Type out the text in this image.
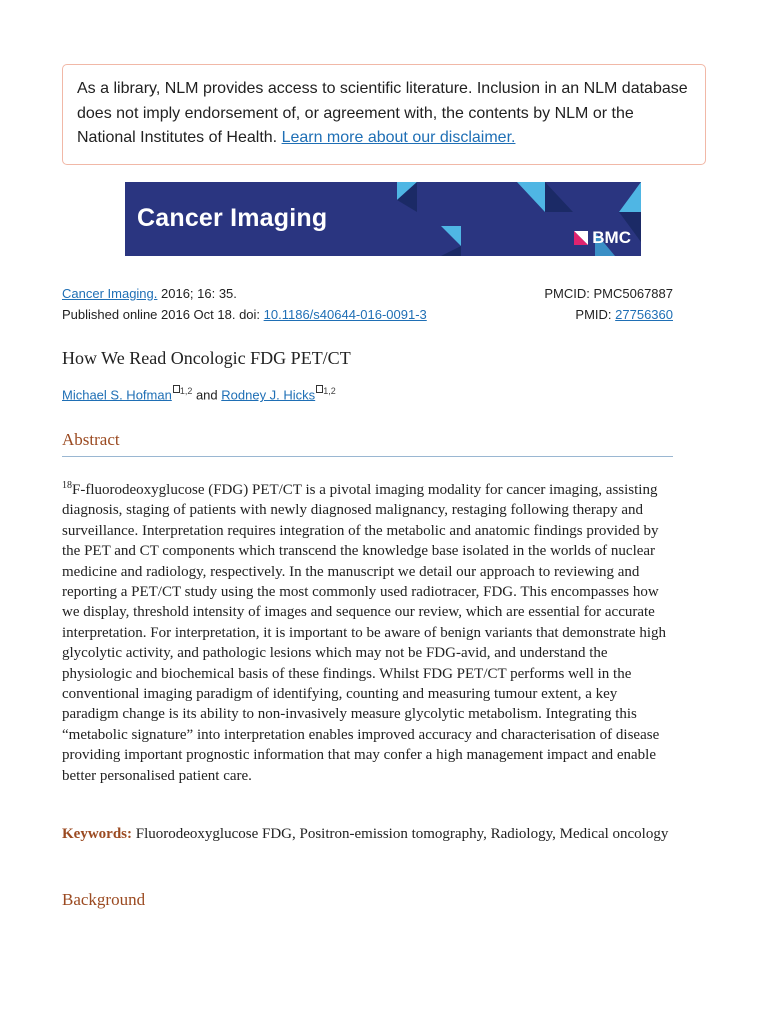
As a library, NLM provides access to scientific literature. Inclusion in an NLM database does not imply endorsement of, or agreement with, the contents by NLM or the National Institutes of Health. Learn more about our disclaimer.
Cancer Imaging
BMC
Cancer Imaging. 2016; 16: 35.	PMCID: PMC5067887
Published online 2016 Oct 18. doi: 10.1186/s40644-016-0091-3	PMID: 27756360
How We Read Oncologic FDG PET/CT
Michael S. Hofman $^{1,2}$ and Rodney J. Hicks $^{1,2}$
Abstract
$^{18}$F-fluorodeoxyglucose (FDG) PET/CT is a pivotal imaging modality for cancer imaging, assisting diagnosis, staging of patients with newly diagnosed malignancy, restaging following therapy and surveillance. Interpretation requires integration of the metabolic and anatomic findings provided by the PET and CT components which transcend the knowledge base isolated in the worlds of nuclear medicine and radiology, respectively. In the manuscript we detail our approach to reviewing and reporting a PET/CT study using the most commonly used radiotracer, FDG. This encompasses how we display, threshold intensity of images and sequence our review, which are essential for accurate interpretation. For interpretation, it is important to be aware of benign variants that demonstrate high glycolytic activity, and pathologic lesions which may not be FDG-avid, and understand the physiologic and biochemical basis of these findings. Whilst FDG PET/CT performs well in the conventional imaging paradigm of identifying, counting and measuring tumour extent, a key paradigm change is its ability to non-invasively measure glycolytic metabolism. Integrating this “metabolic signature” into interpretation enables improved accuracy and characterisation of disease providing important prognostic information that may confer a high management impact and enable better personalised patient care.
Keywords: Fluorodeoxyglucose FDG, Positron-emission tomography, Radiology, Medical oncology
Background
